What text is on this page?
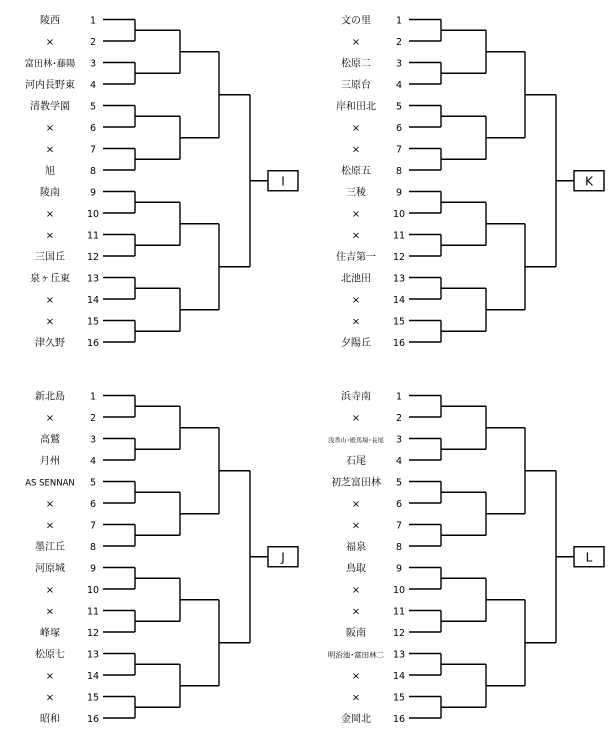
陵西	1
×	2
富田林･藤陽 3
河内長野東 4
清教学園 5
×	6
×	7
旭	8
陵南	9
×	10
×	11
三国丘 12
泉ヶ丘東 13
×	14
×	15
津久野 16
I
文の里	1
×	2
松原二	3
三原台	4
岸和田北 5
×	6
×	7
松原五	8
三稜	9
×	10
×	11
住吉第一 12
北池田 13
×	14
×	15
夕陽丘 16
K
新北島	1
×	2
高鷲	3
月州	4
AS SENNAN 5
×	6
×	7
墨江丘	8
河原城	9
×	10
×	11
峰塚	12
松原七 13
×	14
×	15
昭和	16
J
浜寺南	1
×	2
浅香山･殿馬場･長尾 3
石尾	4
初芝富田林 5
×	6
×	7
福泉	8
鳥取	9
×	10
×	11
阪南	12
明治池･富田林二 13
×	14
×	15
金岡北 16
L
